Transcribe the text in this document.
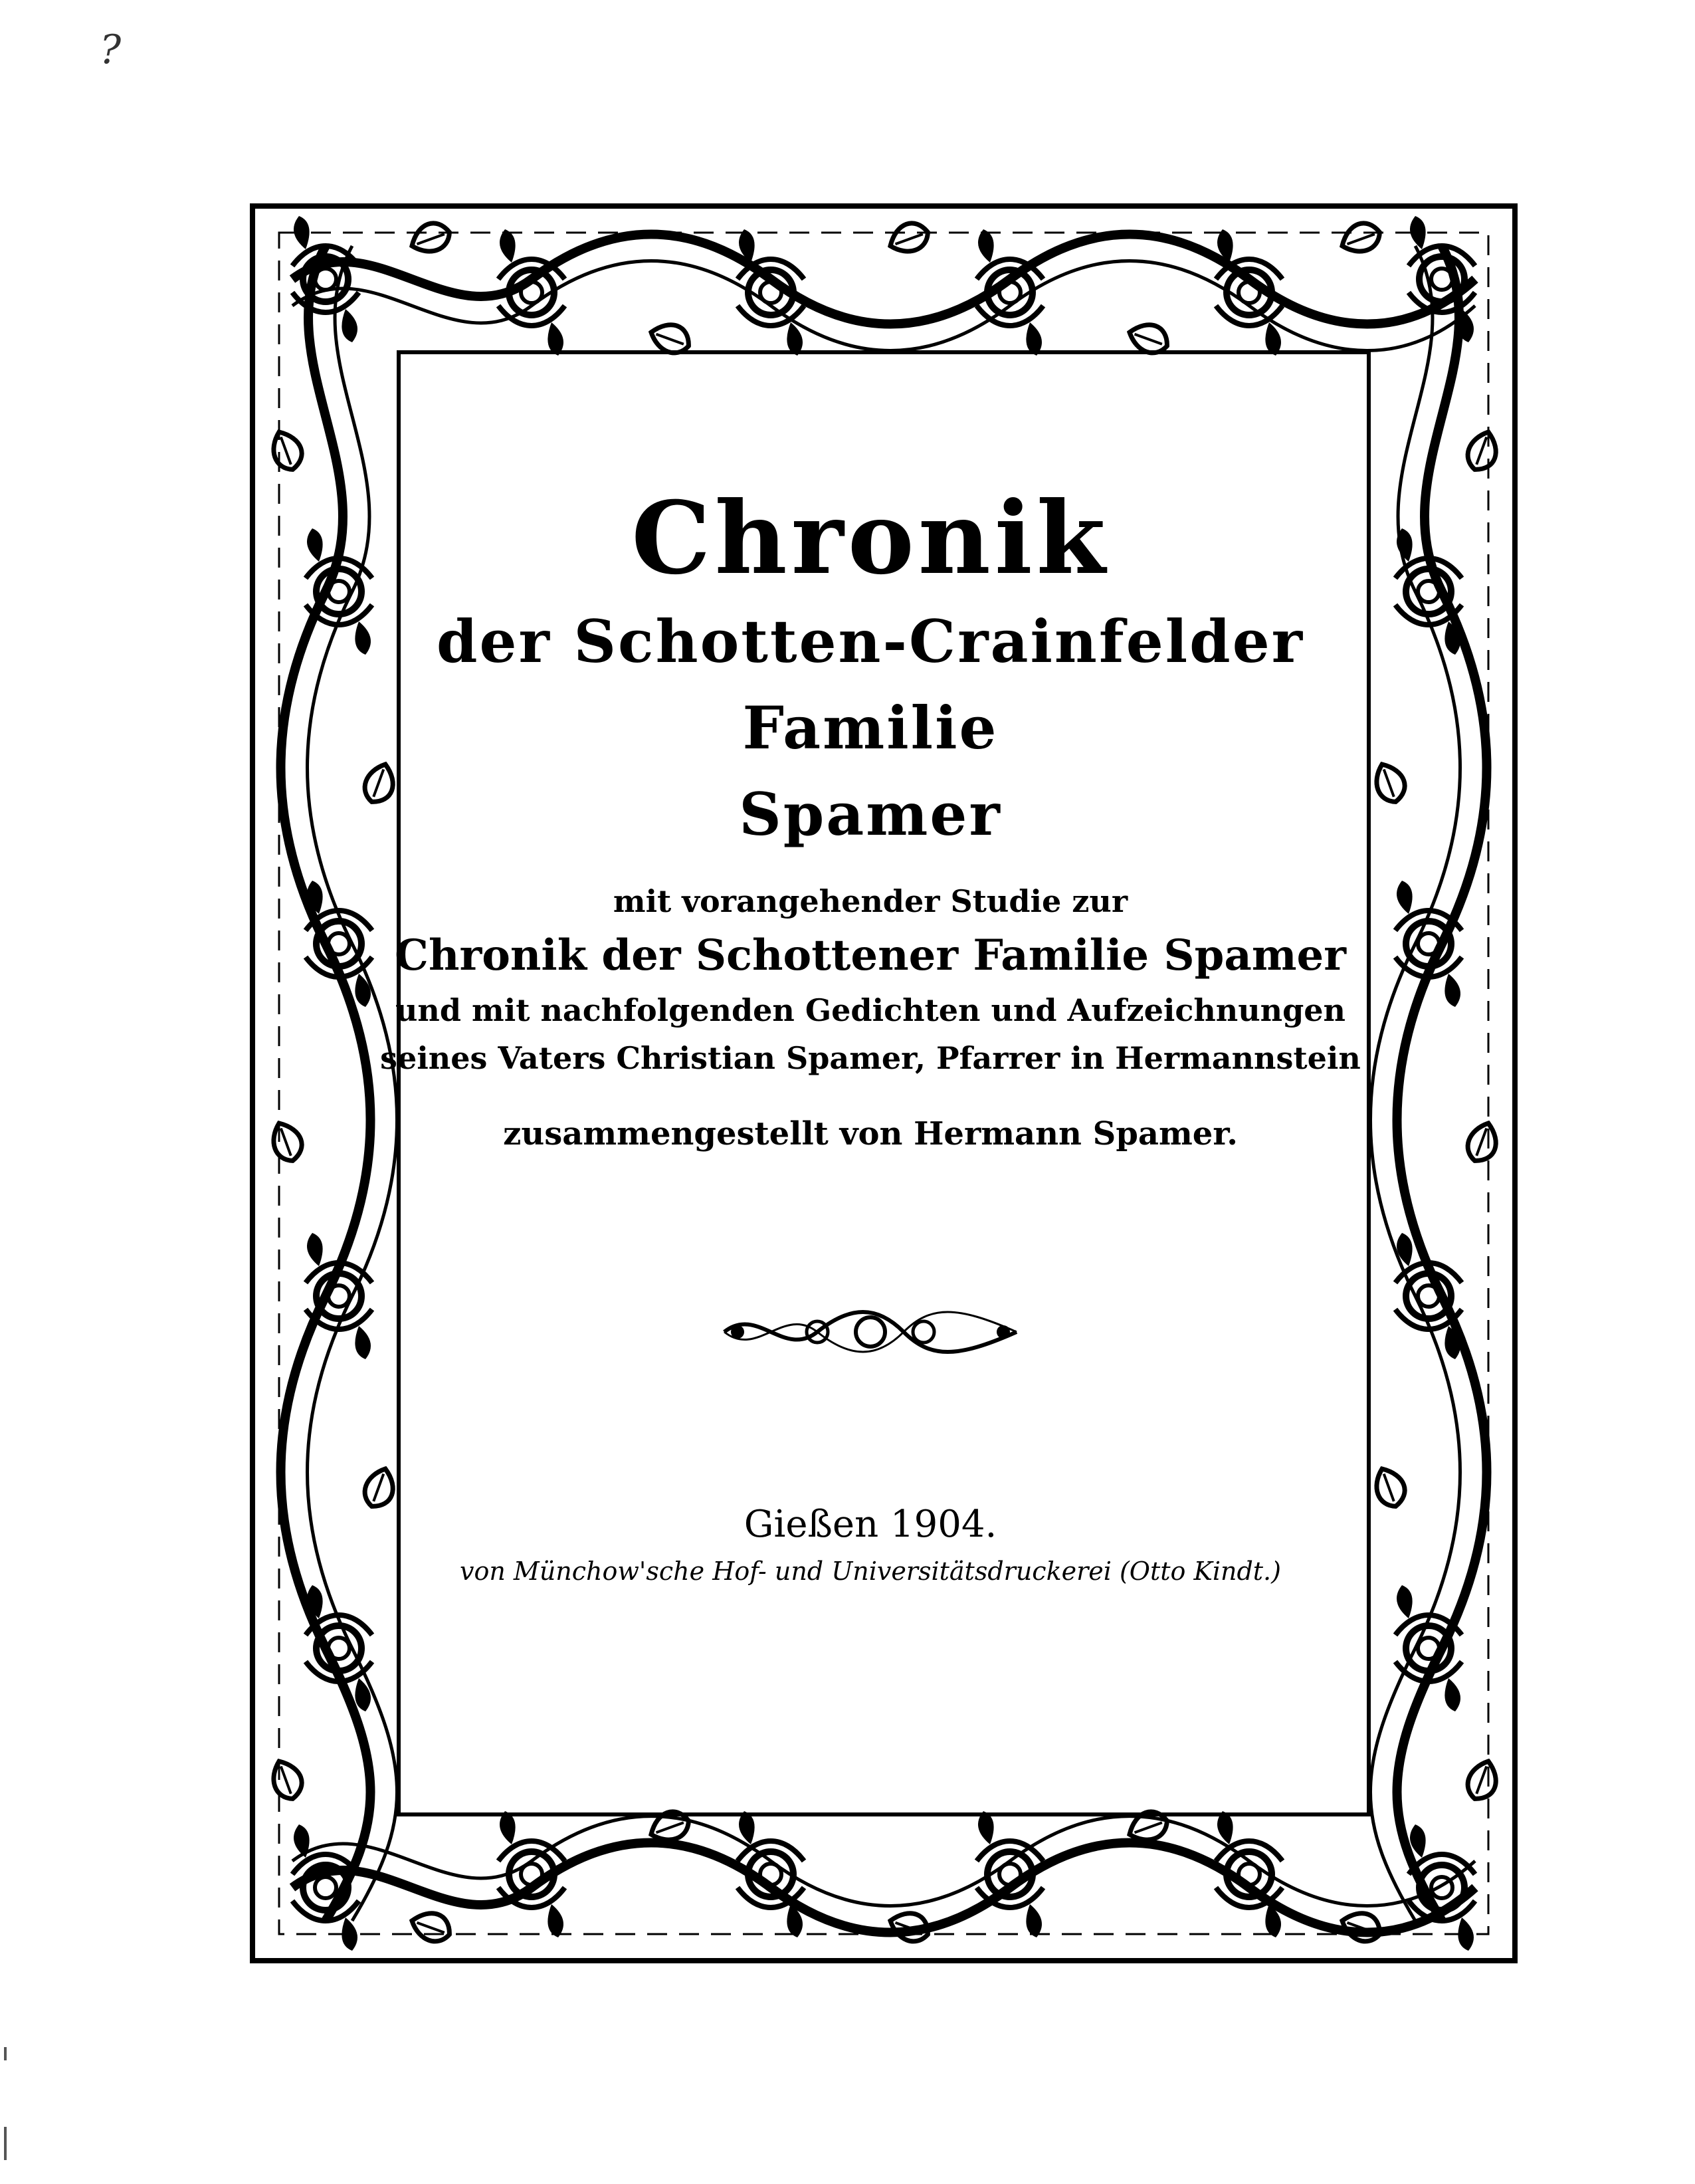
?
Chronik
der Schotten-Crainfelder Familie
Spamer
mit vorangehender Studie zur
Chronik der Schottener Familie Spamer
und mit nachfolgenden Gedichten und Aufzeichnungen
seines Vaters Christian Spamer, Pfarrer in Hermannstein
zusammengestellt von Hermann Spamer.
Gießen 1904.
von Münchow'sche Hof- und Universitätsdruckerei (Otto Kindt.)
